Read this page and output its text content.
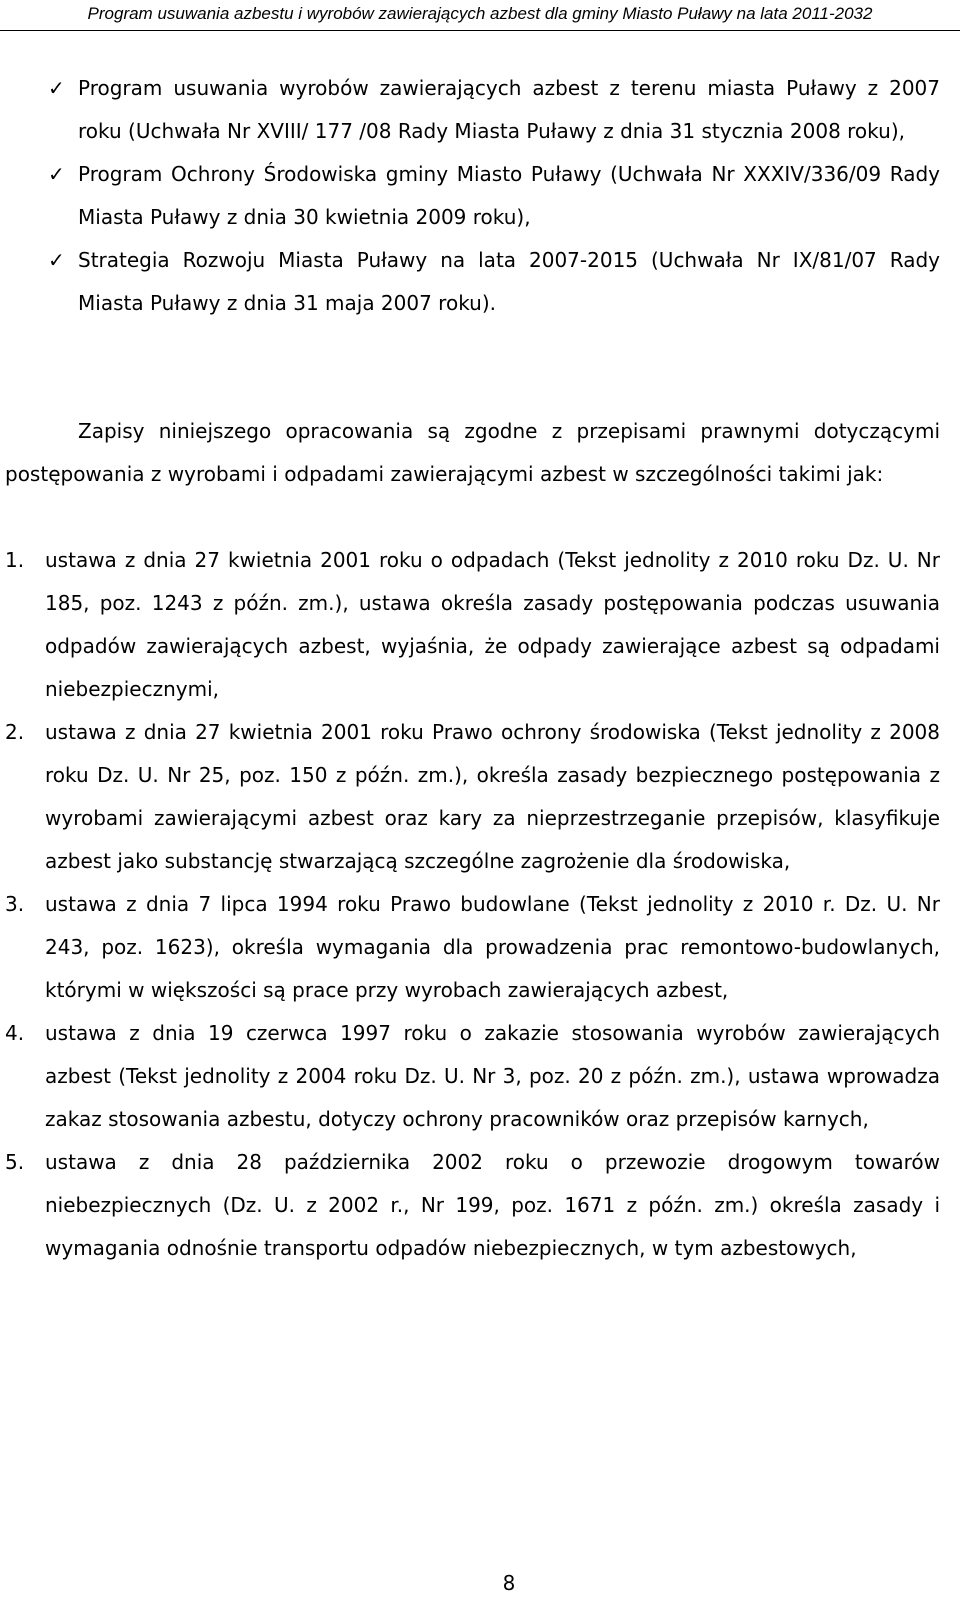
Program usuwania azbestu i wyrobów zawierających azbest dla gminy Miasto Puławy na lata 2011-2032
✓ Program usuwania wyrobów zawierających azbest z terenu miasta Puławy z 2007 roku (Uchwała Nr XVIII/ 177 /08 Rady Miasta Puławy z dnia 31 stycznia 2008 roku),
✓ Program Ochrony Środowiska gminy Miasto Puławy (Uchwała Nr XXXIV/336/09 Rady Miasta Puławy z dnia 30 kwietnia 2009 roku),
✓ Strategia Rozwoju Miasta Puławy na lata 2007-2015 (Uchwała Nr IX/81/07 Rady Miasta Puławy z dnia 31 maja 2007 roku).

Zapisy niniejszego opracowania są zgodne z przepisami prawnymi dotyczącymi postępowania z wyrobami i odpadami zawierającymi azbest w szczególności takimi jak:

1. ustawa z dnia 27 kwietnia 2001 roku o odpadach (Tekst jednolity z 2010 roku Dz. U. Nr 185, poz. 1243 z późn. zm.), ustawa określa zasady postępowania podczas usuwania odpadów zawierających azbest, wyjaśnia, że odpady zawierające azbest są odpadami niebezpiecznymi,
2. ustawa z dnia 27 kwietnia 2001 roku Prawo ochrony środowiska (Tekst jednolity z 2008 roku Dz. U. Nr 25, poz. 150 z późn. zm.), określa zasady bezpiecznego postępowania z wyrobami zawierającymi azbest oraz kary za nieprzestrzeganie przepisów, klasyfikuje azbest jako substancję stwarzającą szczególne zagrożenie dla środowiska,
3. ustawa z dnia 7 lipca 1994 roku Prawo budowlane (Tekst jednolity z 2010 r. Dz. U. Nr 243, poz. 1623), określa wymagania dla prowadzenia prac remontowo-budowlanych, którymi w większości są prace przy wyrobach zawierających azbest,
4. ustawa z dnia 19 czerwca 1997 roku o zakazie stosowania wyrobów zawierających azbest (Tekst jednolity z 2004 roku Dz. U. Nr 3, poz. 20 z późn. zm.), ustawa wprowadza zakaz stosowania azbestu, dotyczy ochrony pracowników oraz przepisów karnych,
5. ustawa z dnia 28 października 2002 roku o przewozie drogowym towarów niebezpiecznych (Dz. U. z 2002 r., Nr 199, poz. 1671 z późn. zm.) określa zasady i wymagania odnośnie transportu odpadów niebezpiecznych, w tym azbestowych,
8
